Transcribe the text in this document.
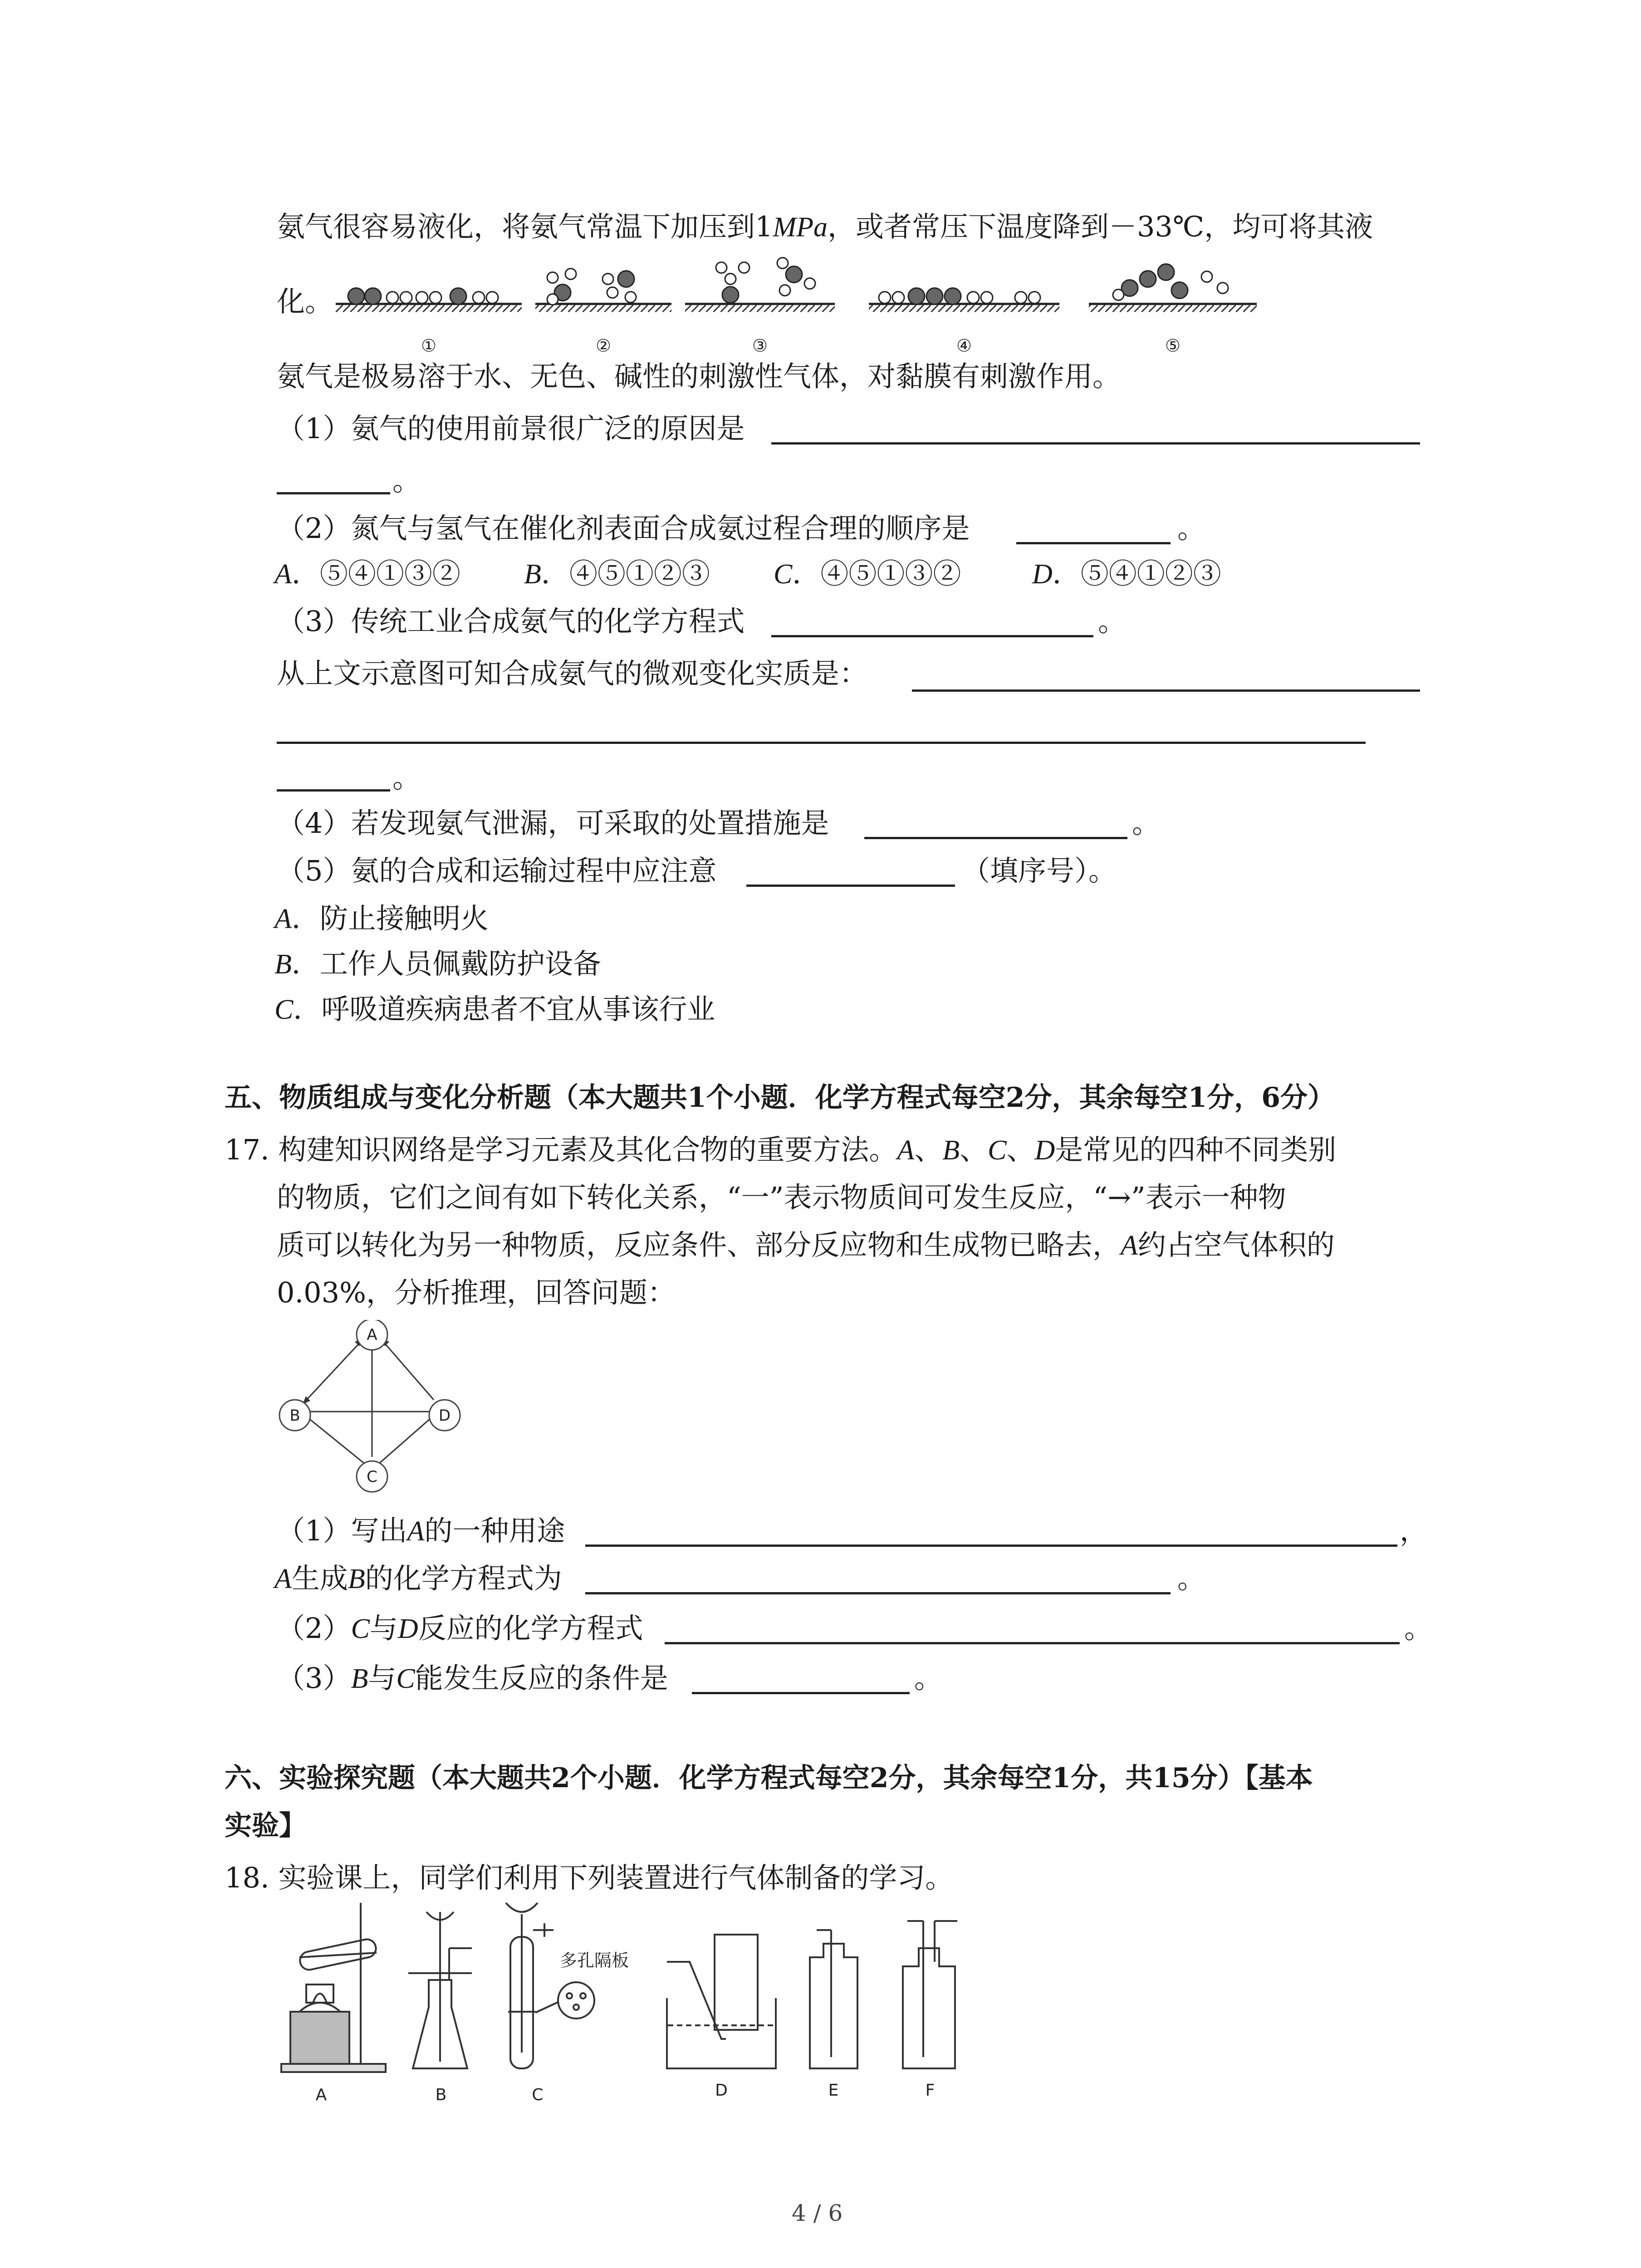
氨气很容易液化，将氨气常温下加压到1MPa，或者常压下温度降到－33℃，均可将其液
化。
①	②	③	④	⑤
氨气是极易溶于水、无色、碱性的刺激性气体，对黏膜有刺激作用。
（1）氨气的使用前景很广泛的原因是
。
（2）氮气与氢气在催化剂表面合成氨过程合理的顺序是	。
A．⑤④①③② B．④⑤①②③ C．④⑤①③②	D．⑤④①②③
（3）传统工业合成氨气的化学方程式	。
从上文示意图可知合成氨气的微观变化实质是：
。
（4）若发现氨气泄漏，可采取的处置措施是	。
（5）氨的合成和运输过程中应注意	（填序号）。
A．防止接触明火
B．工作人员佩戴防护设备
C．呼吸道疾病患者不宜从事该行业
五、物质组成与变化分析题（本大题共1个小题．化学方程式每空2分，其余每空1分，6分）
17. 构建知识网络是学习元素及其化合物的重要方法。A、B、C、D是常见的四种不同类别
的物质，它们之间有如下转化关系，“一”表示物质间可发生反应，“→”表示一种物
质可以转化为另一种物质，反应条件、部分反应物和生成物已略去，A约占空气体积的
0.03%，分析推理，回答问题：
A
B
C
D
（1）写出A的一种用途	，
A生成B的化学方程式为	。
（2）C与D反应的化学方程式	。
（3）B与C能发生反应的条件是	。
六、实验探究题（本大题共2个小题．化学方程式每空2分，其余每空1分，共15分）【基本
实验】
18. 实验课上，同学们利用下列装置进行气体制备的学习。
多孔隔板
A	B	C	D	E	F
4 / 6
